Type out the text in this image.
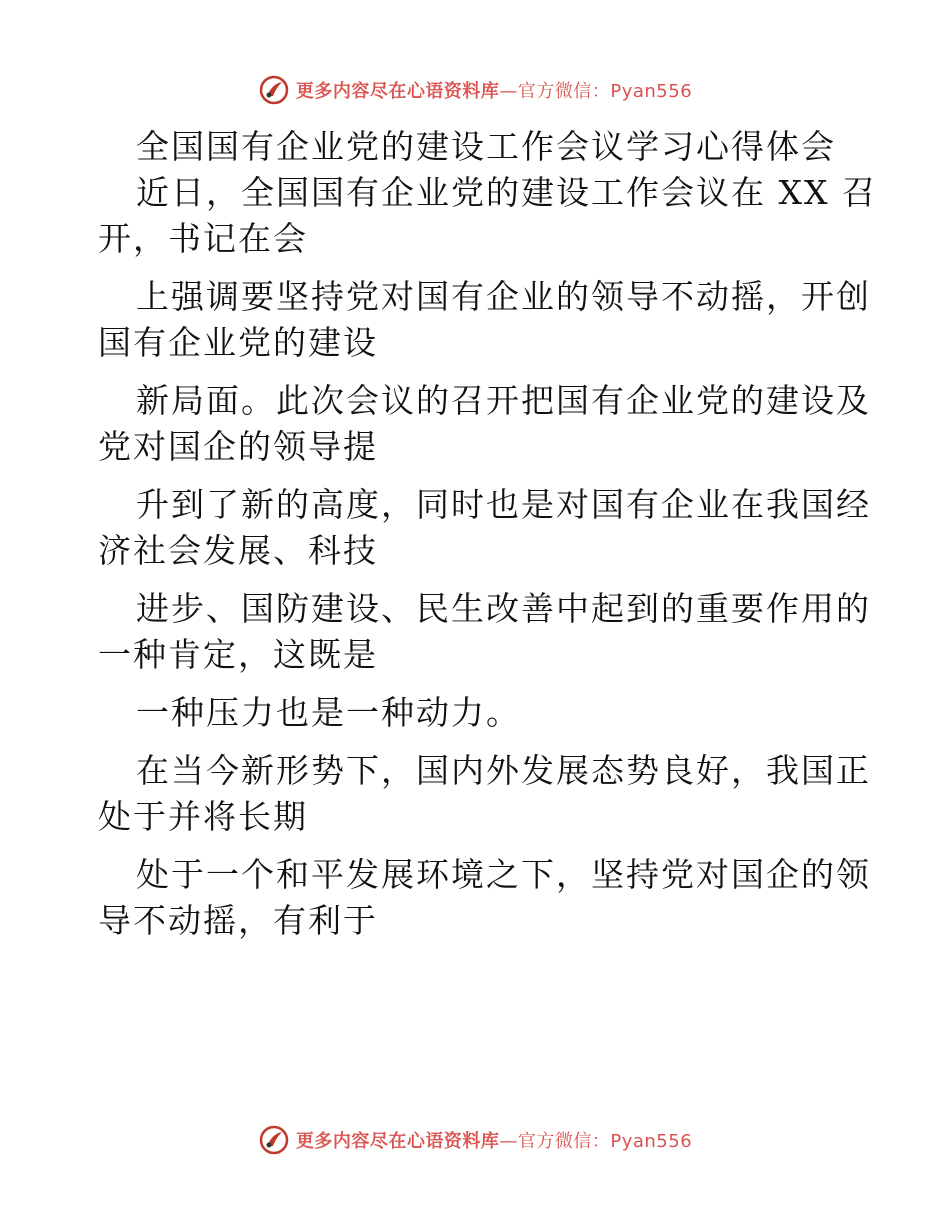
更多内容尽在心语资料库—官方微信：Pyan556
全国国有企业党的建设工作会议学习心得体会
近日，全国国有企业党的建设工作会议在 XX 召
开，书记在会
上强调要坚持党对国有企业的领导不动摇，开创
国有企业党的建设
新局面。此次会议的召开把国有企业党的建设及
党对国企的领导提
升到了新的高度，同时也是对国有企业在我国经
济社会发展、科技
进步、国防建设、民生改善中起到的重要作用的
一种肯定，这既是
一种压力也是一种动力。
在当今新形势下，国内外发展态势良好，我国正
处于并将长期
处于一个和平发展环境之下，坚持党对国企的领
导不动摇，有利于
更多内容尽在心语资料库—官方微信：Pyan556
